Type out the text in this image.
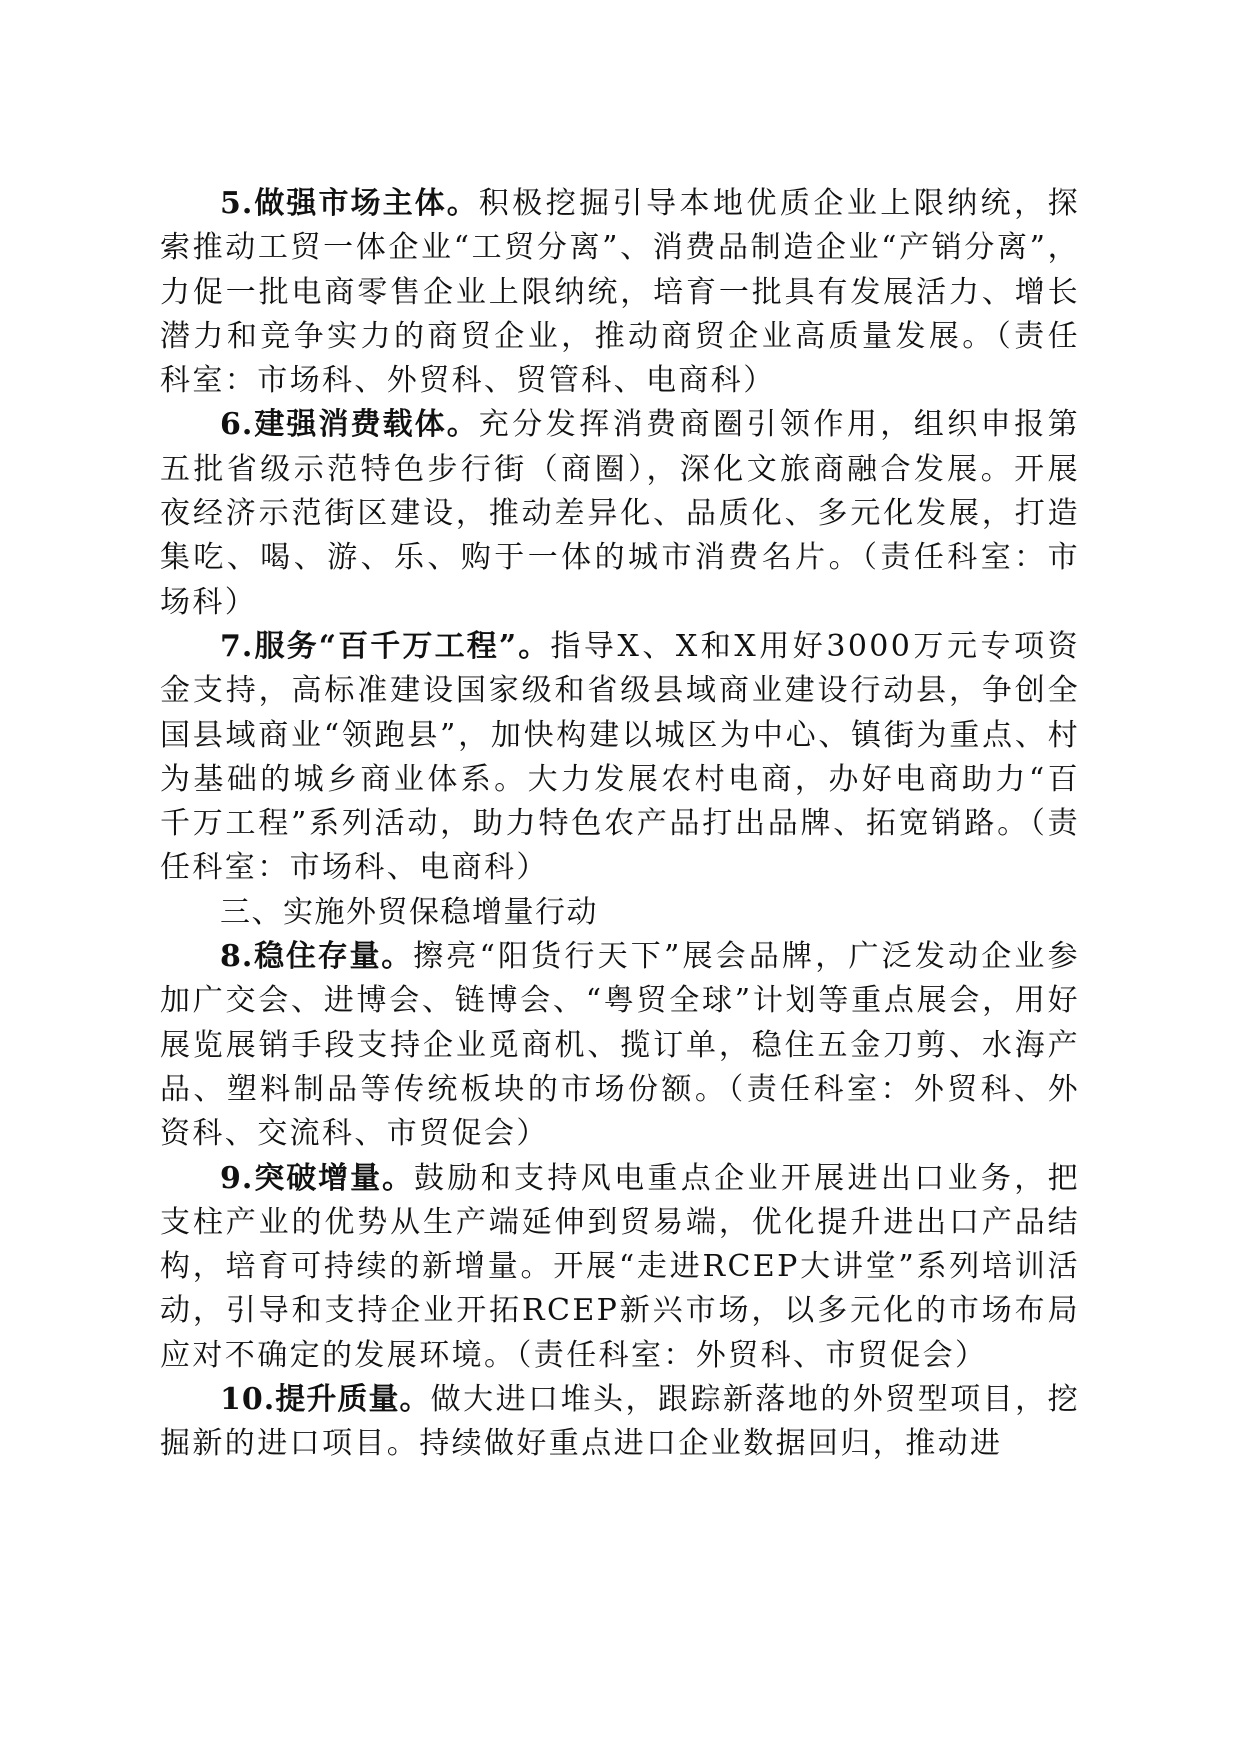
5.做强市场主体。积极挖掘引导本地优质企业上限纳统，探索推动工贸一体企业“工贸分离”、消费品制造企业“产销分离”，力促一批电商零售企业上限纳统，培育一批具有发展活力、增长潜力和竞争实力的商贸企业，推动商贸企业高质量发展。（责任科室：市场科、外贸科、贸管科、电商科）

6.建强消费载体。充分发挥消费商圈引领作用，组织申报第五批省级示范特色步行街（商圈），深化文旅商融合发展。开展夜经济示范街区建设，推动差异化、品质化、多元化发展，打造集吃、喝、游、乐、购于一体的城市消费名片。（责任科室：市场科）

7.服务“百千万工程”。指导X、X和X用好3000万元专项资金支持，高标准建设国家级和省级县域商业建设行动县，争创全国县域商业“领跑县”，加快构建以城区为中心、镇街为重点、村为基础的城乡商业体系。大力发展农村电商，办好电商助力“百千万工程”系列活动，助力特色农产品打出品牌、拓宽销路。（责任科室：市场科、电商科）

三、实施外贸保稳增量行动

8.稳住存量。擦亮“阳货行天下”展会品牌，广泛发动企业参加广交会、进博会、链博会、“粤贸全球”计划等重点展会，用好展览展销手段支持企业觅商机、揽订单，稳住五金刀剪、水海产品、塑料制品等传统板块的市场份额。（责任科室：外贸科、外资科、交流科、市贸促会）

9.突破增量。鼓励和支持风电重点企业开展进出口业务，把支柱产业的优势从生产端延伸到贸易端，优化提升进出口产品结构，培育可持续的新增量。开展“走进RCEP大讲堂”系列培训活动，引导和支持企业开拓RCEP新兴市场，以多元化的市场布局应对不确定的发展环境。（责任科室：外贸科、市贸促会）

10.提升质量。做大进口堆头，跟踪新落地的外贸型项目，挖掘新的进口项目。持续做好重点进口企业数据回归，推动进
